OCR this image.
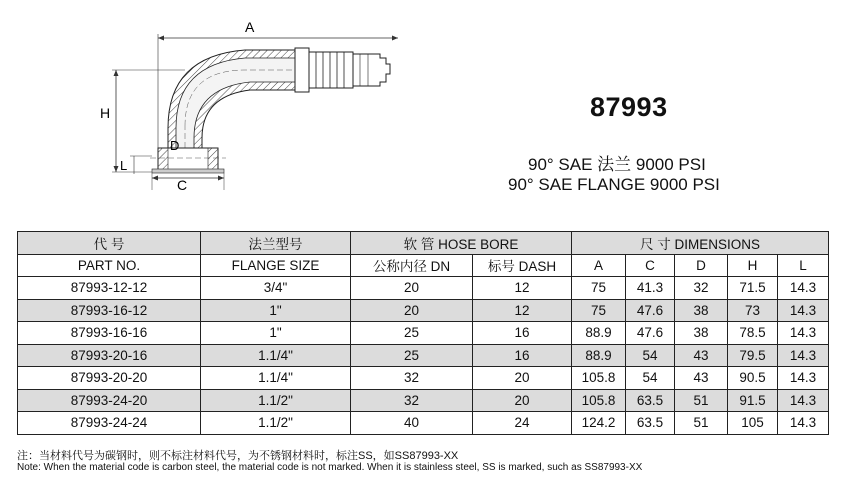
A
H
D
L
C
87993
90° SAE 法兰 9000 PSI
90° SAE FLANGE 9000 PSI
代 号	法兰型号	软 管 HOSE BORE		尺 寸 DIMENSIONS				
PART NO.	FLANGE SIZE	公称内径 DN	标号 DASH	A	C	D	H	L
87993-12-12	3/4"	20	12	75	41.3	32	71.5	14.3
87993-16-12	1"	20	12	75	47.6	38	73	14.3
87993-16-16	1"	25	16	88.9	47.6	38	78.5	14.3
87993-20-16	1.1/4"	25	16	88.9	54	43	79.5	14.3
87993-20-20	1.1/4"	32	20	105.8	54	43	90.5	14.3
87993-24-20	1.1/2"	32	20	105.8	63.5	51	91.5	14.3
87993-24-24	1.1/2"	40	24	124.2	63.5	51	105	14.3
注：当材料代号为碳钢时，则不标注材料代号，为不锈钢材料时，标注SS，如SS87993-XX
Note: When the material code is carbon steel, the material code is not marked. When it is stainless steel, SS is marked, such as SS87993-XX
